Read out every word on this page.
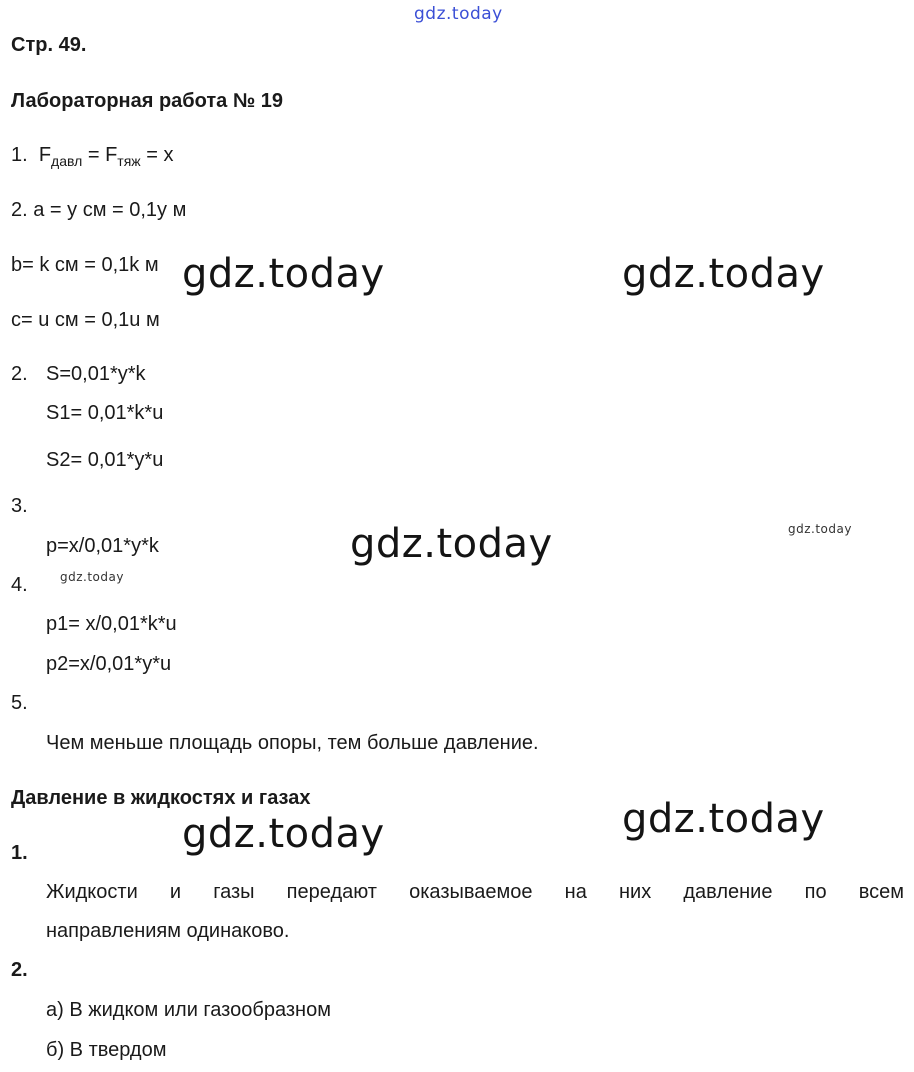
gdz.today
gdz.today	gdz.today
gdz.today	gdz.today
gdz.today
gdz.today
gdz.today
Стр. 49.
Лабораторная работа № 19
1. $F_{давл} = F_{тяж} = x$
2. a = y см = 0,1y м
b= k см = 0,1k м
c= u см = 0,1u м
2. S=0,01*y*k
S1= 0,01*k*u
S2= 0,01*y*u
3.
p=x/0,01*y*k
4.
p1= x/0,01*k*u
p2=x/0,01*y*u
5.
Чем меньше площадь опоры, тем больше давление.
Давление в жидкостях и газах
1.
Жидкости и газы передают оказываемое на них давление по всем
направлениям одинаково.
2.
а) В жидком или газообразном
б) В твердом
